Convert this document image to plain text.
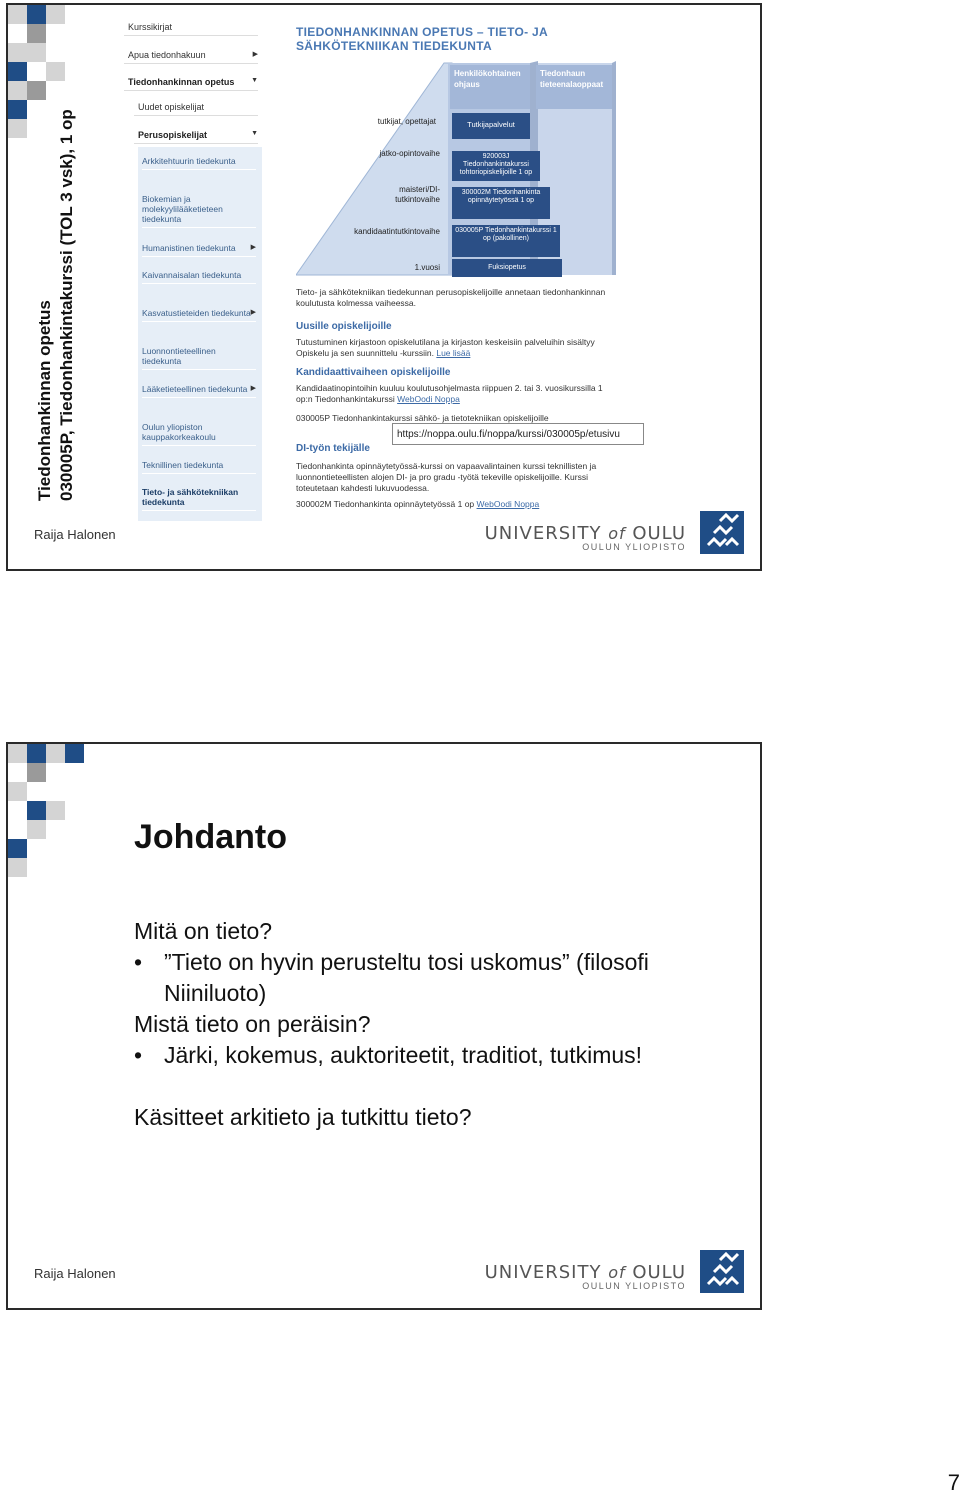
Tiedonhankinnan opetus 030005P, Tiedonhankintakurssi (TOL 3 vsk), 1 op
Kurssikirjat
Apua tiedonhakuun	▶
Tiedonhankinnan opetus ▼
Uudet opiskelijat
Perusopiskelijat	▼
Arkkitehtuurin tiedekunta
Biokemian ja molekyylilääketieteen tiedekunta
Humanistinen tiedekunta ▶
Kaivannaisalan tiedekunta
Kasvatustieteiden tiedekunta ▶
Luonnontieteellinen tiedekunta
Lääketieteellinen tiedekunta ▶
Oulun yliopiston kauppakorkeakoulu
Teknillinen tiedekunta
Tieto- ja sähkötekniikan tiedekunta
TIEDONHANKINNAN OPETUS – TIETO- JA
SÄHKÖTEKNIIKAN TIEDEKUNTA
Henkilökohtainen ohjaus
Tiedonhaun tieteenalaoppaat
tutkijat, opettajat
jatko-opintovaihe
maisteri/DI-tutkintovaihe
kandidaatintutkintovaihe
1.vuosi
Tutkijapalvelut
920003J Tiedonhankintakurssi tohtoriopiskelijoille 1 op
300002M Tiedonhankinta opinnäytetyössä 1 op
030005P Tiedonhankintakurssi 1 op (pakollinen)
Fuksiopetus
Tieto- ja sähkötekniikan tiedekunnan perusopiskelijoille annetaan tiedonhankinnan koulutusta kolmessa vaiheessa.
Uusille opiskelijoille
Tutustuminen kirjastoon opiskelutilana ja kirjaston keskeisiin palveluihin sisältyy Opiskelu ja sen suunnittelu -kurssiin. Lue lisää
Kandidaattivaiheen opiskelijoille
Kandidaatinopintoihin kuuluu koulutusohjelmasta riippuen 2. tai 3. vuosikurssilla 1 op:n Tiedonhankintakurssi WebOodi Noppa
030005P Tiedonhankintakurssi sähkö- ja tietotekniikan opiskelijoille
DI-työn tekijälle
Tiedonhankinta opinnäytetyössä-kurssi on vapaavalintainen kurssi teknillisten ja luonnontieteellisten alojen DI- ja pro gradu -työtä tekeville opiskelijoille. Kurssi toteutetaan kahdesti lukuvuodessa.
300002M Tiedonhankinta opinnäytetyössä 1 op WebOodi Noppa
https://noppa.oulu.fi/noppa/kurssi/030005p/etusivu
Raija Halonen	UNIVERSITY of OULU
OULUN YLIOPISTO
Johdanto
Mitä on tieto?
• ”Tieto on hyvin perusteltu tosi uskomus” (filosofi Niiniluoto)
Mistä tieto on peräisin?
• Järki, kokemus, auktoriteetit, traditiot, tutkimus!
Käsitteet arkitieto ja tutkittu tieto?
Raija Halonen	UNIVERSITY of OULU
OULUN YLIOPISTO
7
